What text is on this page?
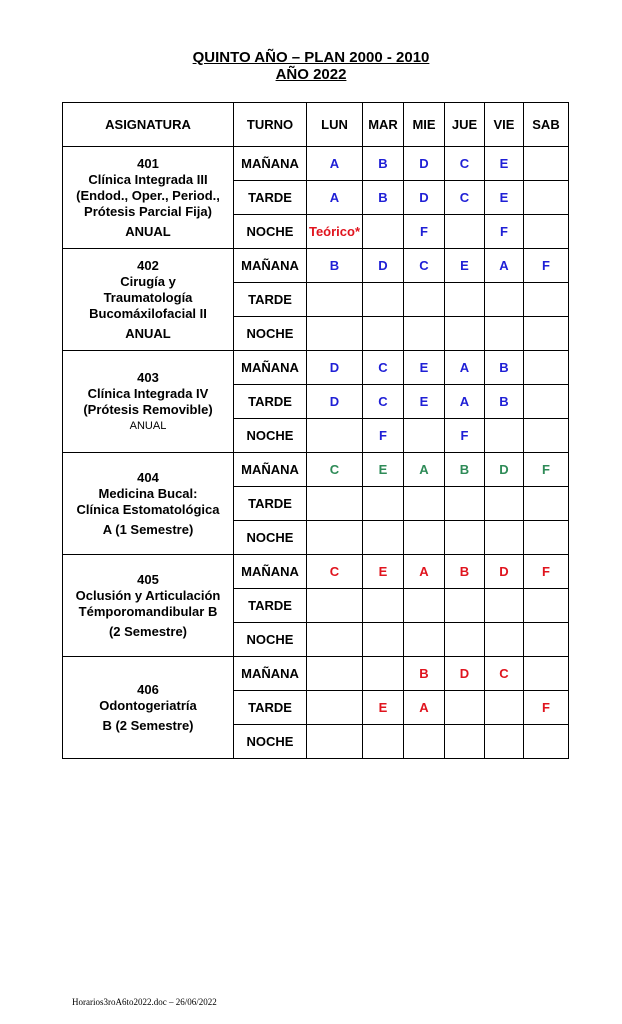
QUINTO AÑO – PLAN 2000 - 2010
AÑO 2022
ASIGNATURA	TURNO	LUN	MAR	MIE	JUE	VIE	SAB

401
Clínica Integrada III
(Endod., Oper., Period.,
Prótesis Parcial Fija)
ANUAL	MAÑANA	A	B	D	C	E	
	TARDE	A	B	D	C	E	
	NOCHE	Teórico*		F		F	

402
Cirugía y
Traumatología
Bucomáxilofacial II
ANUAL	MAÑANA	B	D	C	E	A	F
	TARDE						
	NOCHE						

403
Clínica Integrada IV
(Prótesis Removible)
ANUAL	MAÑANA	D	C	E	A	B	
	TARDE	D	C	E	A	B	
	NOCHE		F		F		

404
Medicina Bucal:
Clínica Estomatológica
A (1 Semestre)	MAÑANA	C	E	A	B	D	F
	TARDE						
	NOCHE						

405
Oclusión y Articulación
Témporomandibular B
(2 Semestre)	MAÑANA	C	E	A	B	D	F
	TARDE						
	NOCHE						

406
Odontogeriatría
B (2 Semestre)	MAÑANA			B	D	C	
	TARDE		E	A			F
	NOCHE						
Horarios3roA6to2022.doc – 26/06/2022
